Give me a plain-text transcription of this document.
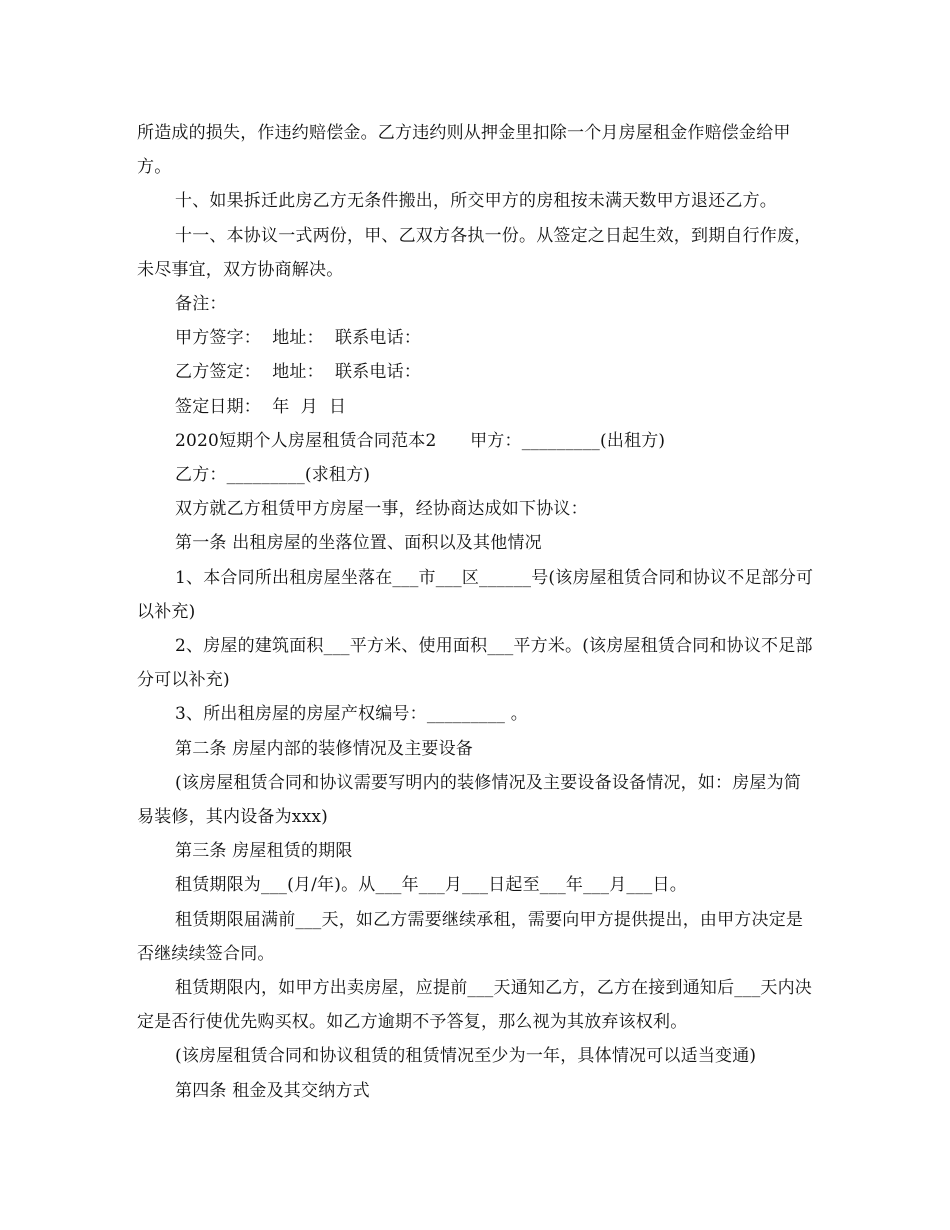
所造成的损失，作违约赔偿金。乙方违约则从押金里扣除一个月房屋租金作赔偿金给甲方。

十、如果拆迁此房乙方无条件搬出，所交甲方的房租按未满天数甲方退还乙方。

十一、本协议一式两份，甲、乙双方各执一份。从签定之日起生效，到期自行作废，未尽事宜，双方协商解决。

备注：

甲方签字：  地址：  联系电话：

乙方签定：  地址：  联系电话：

签定日期：  年  月  日

2020短期个人房屋租赁合同范本2      甲方：_________(出租方)

乙方：_________(求租方)

双方就乙方租赁甲方房屋一事，经协商达成如下协议：

第一条 出租房屋的坐落位置、面积以及其他情况

1、本合同所出租房屋坐落在___市___区______号(该房屋租赁合同和协议不足部分可以补充)

2、房屋的建筑面积___平方米、使用面积___平方米。(该房屋租赁合同和协议不足部分可以补充)

3、所出租房屋的房屋产权编号：_________ 。

第二条 房屋内部的装修情况及主要设备

(该房屋租赁合同和协议需要写明内的装修情况及主要设备设备情况，如：房屋为简易装修，其内设备为xxx)

第三条 房屋租赁的期限

租赁期限为___(月/年)。从___年___月___日起至___年___月___日。

租赁期限届满前___天，如乙方需要继续承租，需要向甲方提供提出，由甲方决定是否继续续签合同。

租赁期限内，如甲方出卖房屋，应提前___天通知乙方，乙方在接到通知后___天内决定是否行使优先购买权。如乙方逾期不予答复，那么视为其放弃该权利。

(该房屋租赁合同和协议租赁的租赁情况至少为一年，具体情况可以适当变通)

第四条 租金及其交纳方式
